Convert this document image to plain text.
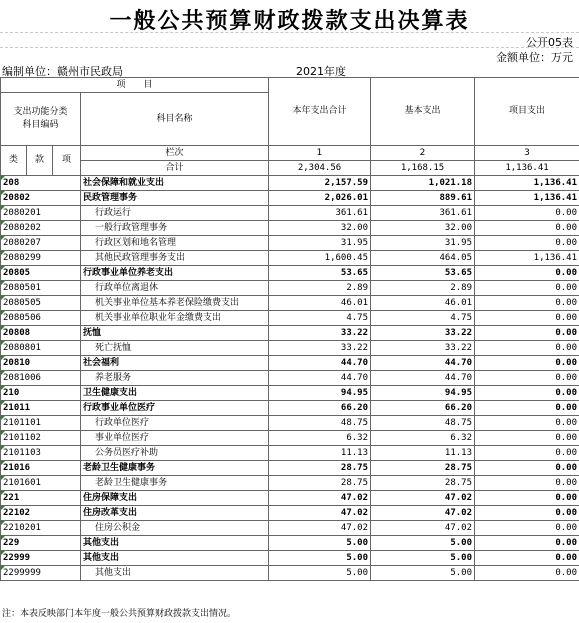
一般公共预算财政拨款支出决算表
公开05表
金额单位：万元
编制单位：赣州市民政局	2021年度
项　　目				本年支出合计	基本支出	项目支出
支出功能分类
科目编码			科目名称			

类	款	项	栏次	1	2	3
			合计	2,304.56	1,168.15	1,136.41
208			社会保障和就业支出	2,157.59	1,021.18	1,136.41
20802			民政管理事务	2,026.01	889.61	1,136.41
2080201			行政运行	361.61	361.61	0.00
2080202			一般行政管理事务	32.00	32.00	0.00
2080207			行政区划和地名管理	31.95	31.95	0.00
2080299			其他民政管理事务支出	1,600.45	464.05	1,136.41
20805			行政事业单位养老支出	53.65	53.65	0.00
2080501			行政单位离退休	2.89	2.89	0.00
2080505			机关事业单位基本养老保险缴费支出	46.01	46.01	0.00
2080506			机关事业单位职业年金缴费支出	4.75	4.75	0.00
20808			抚恤	33.22	33.22	0.00
2080801			死亡抚恤	33.22	33.22	0.00
20810			社会福利	44.70	44.70	0.00
2081006			养老服务	44.70	44.70	0.00
210			卫生健康支出	94.95	94.95	0.00
21011			行政事业单位医疗	66.20	66.20	0.00
2101101			行政单位医疗	48.75	48.75	0.00
2101102			事业单位医疗	6.32	6.32	0.00
2101103			公务员医疗补助	11.13	11.13	0.00
21016			老龄卫生健康事务	28.75	28.75	0.00
2101601			老龄卫生健康事务	28.75	28.75	0.00
221			住房保障支出	47.02	47.02	0.00
22102			住房改革支出	47.02	47.02	0.00
2210201			住房公积金	47.02	47.02	0.00
229			其他支出	5.00	5.00	0.00
22999			其他支出	5.00	5.00	0.00
2299999			其他支出	5.00	5.00	0.00
注：本表反映部门本年度一般公共预算财政拨款支出情况。
